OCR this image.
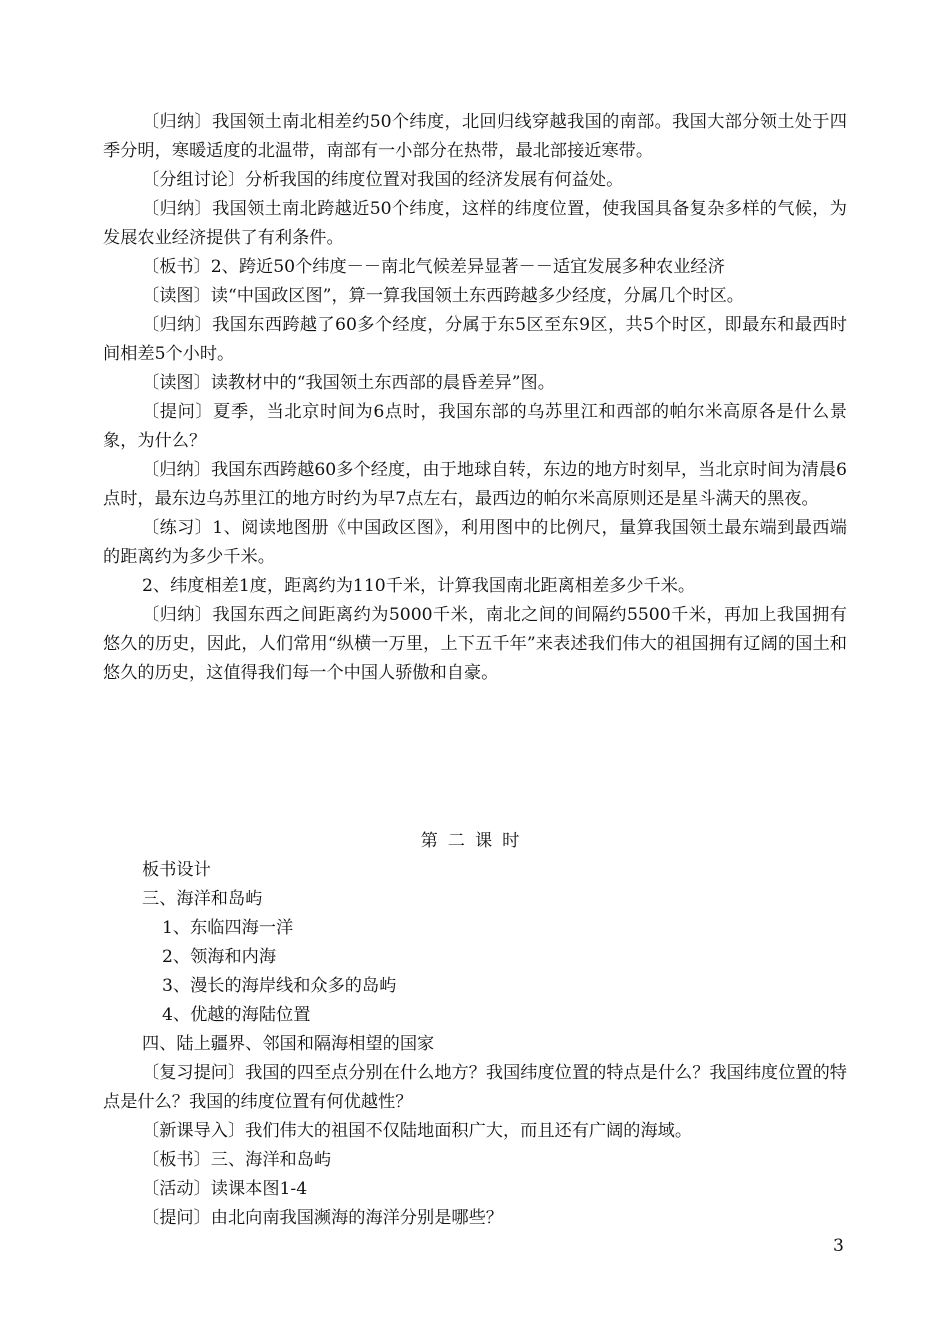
〔归纳〕我国领土南北相差约50个纬度，北回归线穿越我国的南部。我国大部分领土处于四季分明，寒暖适度的北温带，南部有一小部分在热带，最北部接近寒带。

〔分组讨论〕分析我国的纬度位置对我国的经济发展有何益处。

〔归纳〕我国领土南北跨越近50个纬度，这样的纬度位置，使我国具备复杂多样的气候，为发展农业经济提供了有利条件。

〔板书〕2、跨近50个纬度－－南北气候差异显著－－适宜发展多种农业经济

〔读图〕读“中国政区图”，算一算我国领土东西跨越多少经度，分属几个时区。

〔归纳〕我国东西跨越了60多个经度，分属于东5区至东9区，共5个时区，即最东和最西时间相差5个小时。

〔读图〕读教材中的“我国领土东西部的晨昏差异”图。

〔提问〕夏季，当北京时间为6点时，我国东部的乌苏里江和西部的帕尔米高原各是什么景象，为什么？

〔归纳〕我国东西跨越60多个经度，由于地球自转，东边的地方时刻早，当北京时间为清晨6点时，最东边乌苏里江的地方时约为早7点左右，最西边的帕尔米高原则还是星斗满天的黑夜。

〔练习〕1、阅读地图册《中国政区图》，利用图中的比例尺，量算我国领土最东端到最西端的距离约为多少千米。

2、纬度相差1度，距离约为110千米，计算我国南北距离相差多少千米。

〔归纳〕我国东西之间距离约为5000千米，南北之间的间隔约5500千米，再加上我国拥有悠久的历史，因此，人们常用“纵横一万里，上下五千年”来表述我们伟大的祖国拥有辽阔的国土和悠久的历史，这值得我们每一个中国人骄傲和自豪。

第二课时

板书设计

三、海洋和岛屿

1、东临四海一洋

2、领海和内海

3、漫长的海岸线和众多的岛屿

4、优越的海陆位置

四、陆上疆界、邻国和隔海相望的国家

〔复习提问〕我国的四至点分别在什么地方？我国纬度位置的特点是什么？我国纬度位置的特点是什么？我国的纬度位置有何优越性？

〔新课导入〕我们伟大的祖国不仅陆地面积广大，而且还有广阔的海域。

〔板书〕三、海洋和岛屿

〔活动〕读课本图1-4

〔提问〕由北向南我国濒海的海洋分别是哪些？

3
